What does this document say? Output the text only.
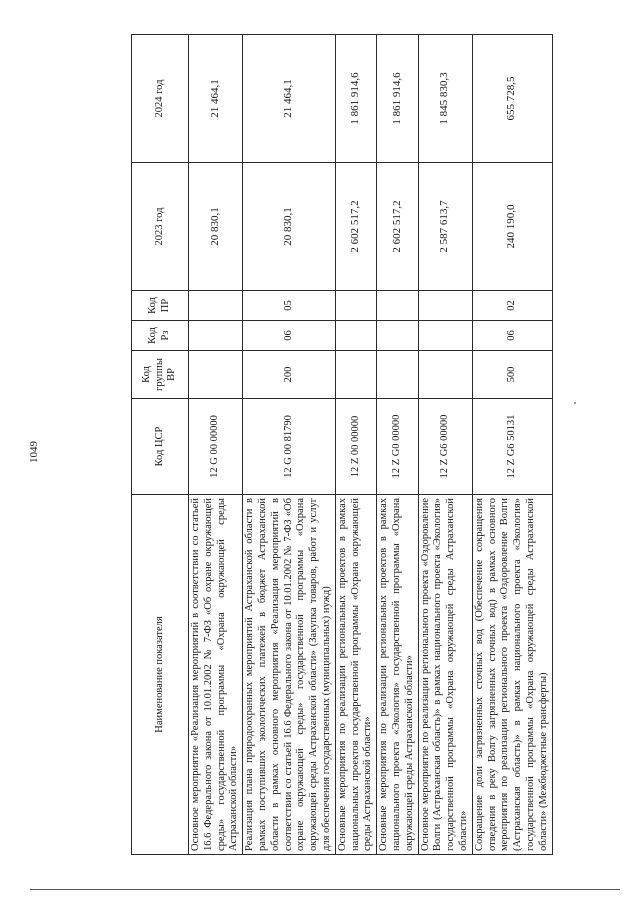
1049
Наименование показателя	Код ЦСР	Код группы ВР	Код Рз	Код ПР	2023 год	2024 год
Основное мероприятие «Реализация мероприятий в соответствии со статьей 16.6 Федерального закона от 10.01.2002 № 7-ФЗ «Об охране окружающей среды» государственной программы «Охрана окружающей среды Астраханской области»	12 G 00 00000				20 830,1	21 464,1
Реализация плана природоохранных мероприятий Астраханской области в рамках поступивших экологических платежей в бюджет Астраханской области в рамках основного мероприятия «Реализация мероприятий в соответствии со статьей 16.6 Федерального закона от 10.01.2002 № 7-ФЗ «Об охране окружающей среды» государственной программы «Охрана окружающей среды Астраханской области» (Закупка товаров, работ и услуг для обеспечения государственных (муниципальных) нужд)	12 G 00 81790	200	06	05	20 830,1	21 464,1
Основные мероприятия по реализации региональных проектов в рамках национальных проектов государственной программы «Охрана окружающей среды Астраханской области»	12 Z 00 00000				2 602 517,2	1 861 914,6
Основные мероприятия по реализации региональных проектов в рамках национального проекта «Экология» государственной программы «Охрана окружающей среды Астраханской области»	12 Z G0 00000				2 602 517,2	1 861 914,6
Основное мероприятие по реализации регионального проекта «Оздоровление Волги (Астраханская область)» в рамках национального проекта «Экология» государственной программы «Охрана окружающей среды Астраханской области»	12 Z G6 00000				2 587 613,7	1 845 830,3
Сокращение доли загрязненных сточных вод (Обеспечение сокращения отведения в реку Волгу загрязненных сточных вод) в рамках основного мероприятия по реализации регионального проекта «Оздоровление Волги (Астраханская область)» в рамках национального проекта «Экология» государственной программы «Охрана окружающей среды Астраханской области» (Межбюджетные трансферты)	12 Z G6 50131	500	06	02	240 190,0	655 728,5
